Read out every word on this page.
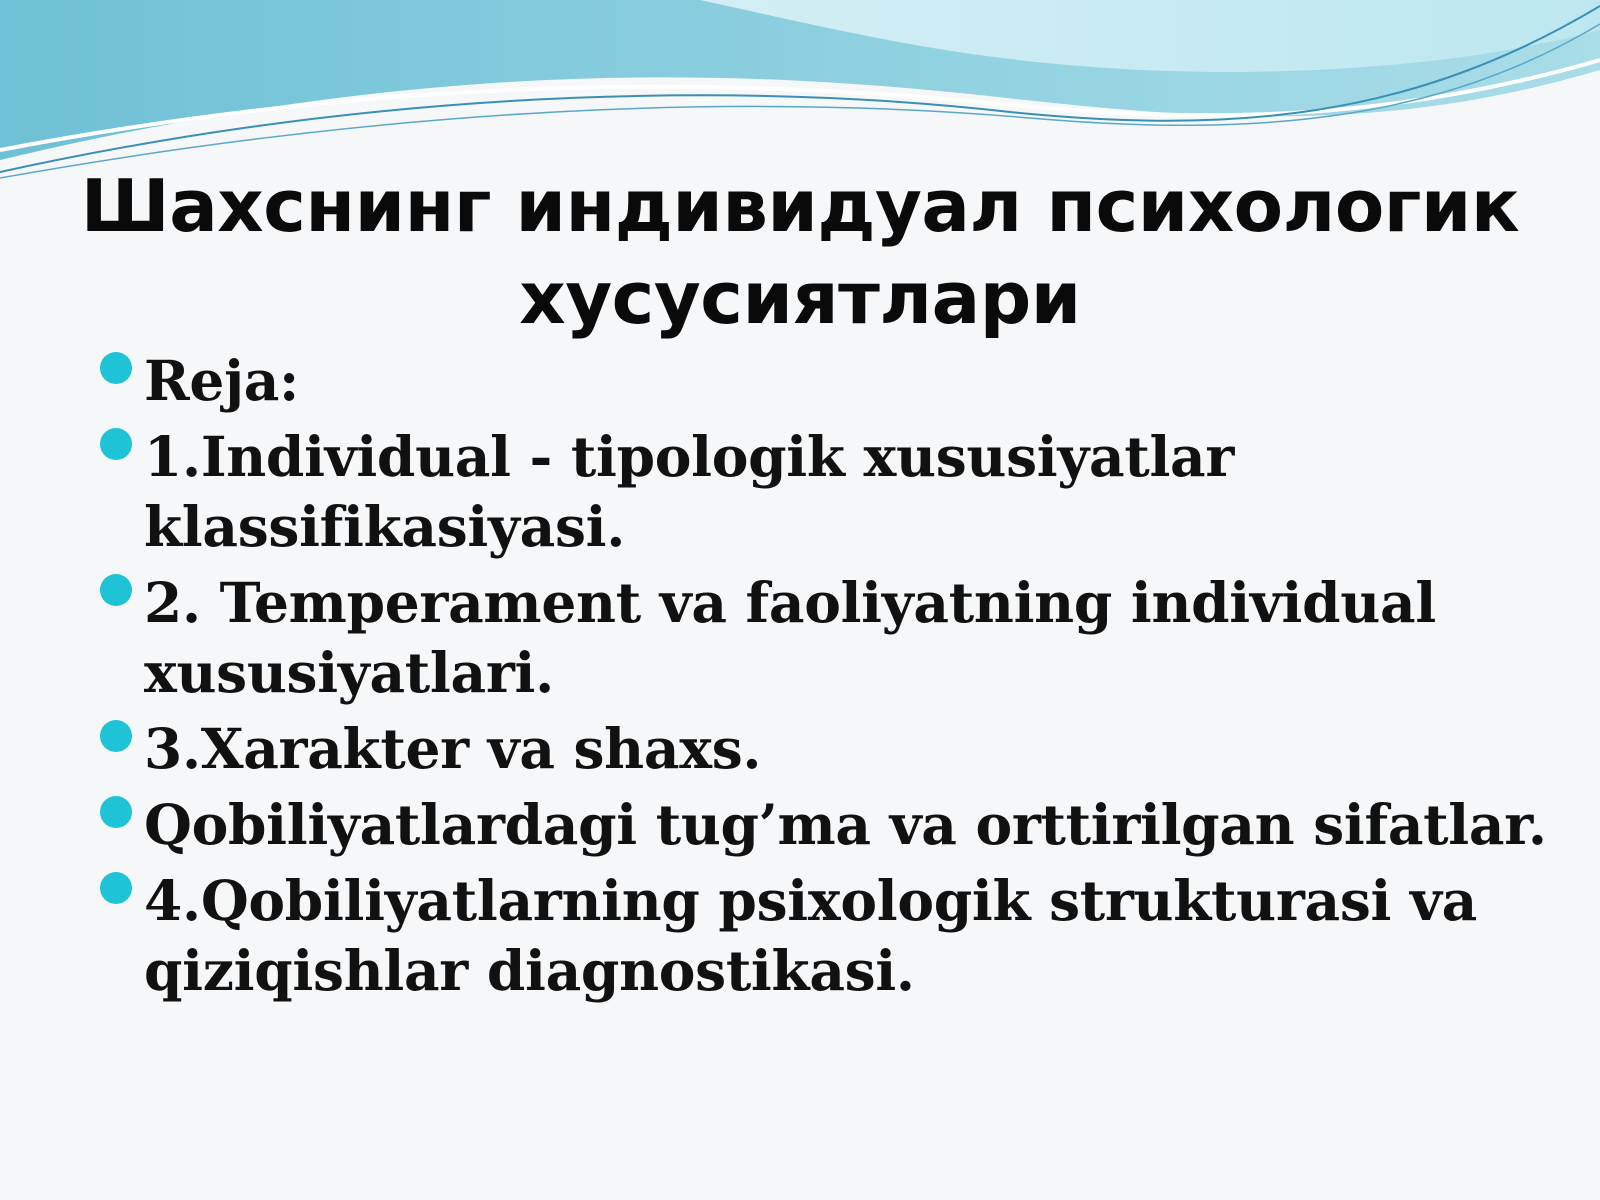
Шахснинг индивидуал психологик хусусиятлари
Reja:
1.Individual - tipologik xususiyatlar klassifikasiyasi.
2. Temperament va faoliyatning individual xususiyatlari.
3.Xarakter va shaxs.
Qobiliyatlardagi tug’ma va orttirilgan sifatlar.
4.Qobiliyatlarning psixologik strukturasi va qiziqishlar diagnostikasi.
